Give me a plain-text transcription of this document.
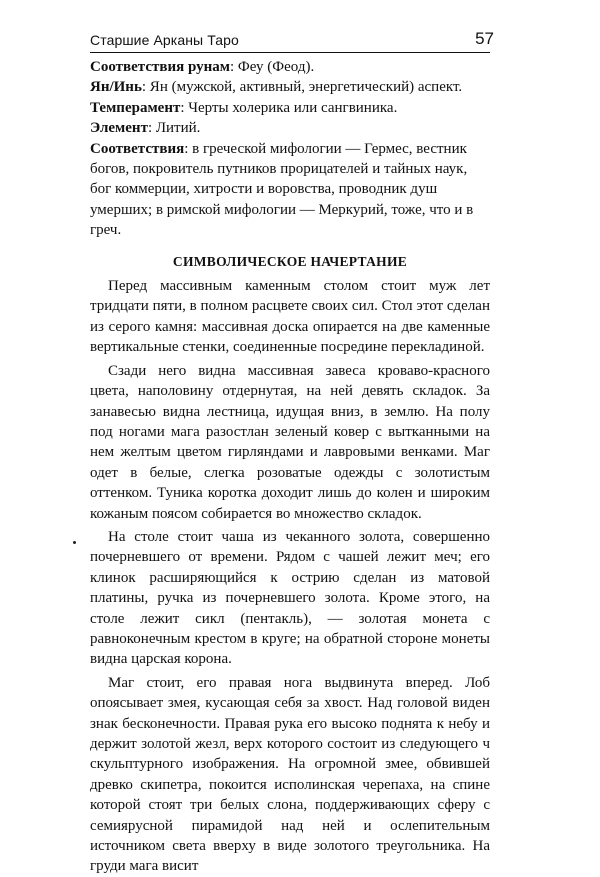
Старшие Арканы Таро	57

Соответствия рунам: Феу (Феод).

Ян/Инь: Ян (мужской, активный, энергетический) аспект.

Темперамент: Черты холерика или сангвиника.

Элемент: Литий.

Соответствия: в греческой мифологии — Гермес, вестник богов, покровитель путников прорицателей и тайных наук, бог коммерции, хитрости и воровства, проводник душ умерших; в римской мифологии — Меркурий, тоже, что и в греч.

СИМВОЛИЧЕСКОЕ НАЧЕРТАНИЕ

Перед массивным каменным столом стоит муж лет тридцати пяти, в полном расцвете своих сил. Стол этот сделан из серого камня: массивная доска опирается на две каменные вертикальные стенки, соединенные посредине перекладиной.

Сзади него видна массивная завеса кроваво-красного цвета, наполовину отдернутая, на ней девять складок. За занавесью видна лестница, идущая вниз, в землю. На полу под ногами мага разостлан зеленый ковер с вытканными на нем желтым цветом гирляндами и лавровыми венками. Маг одет в белые, слегка розоватые одежды с золотистым оттенком. Туника коротка доходит лишь до колен и широким кожаным поясом собирается во множество складок.

На столе стоит чаша из чеканного золота, совершенно почерневшего от времени. Рядом с чашей лежит меч; его клинок расширяющийся к острию сделан из матовой платины, ручка из почерневшего золота. Кроме этого, на столе лежит сикл (пентакль), — золотая монета с равноконечным крестом в круге; на обратной стороне монеты видна царская корона.

Маг стоит, его правая нога выдвинута вперед. Лоб опоясывает змея, кусающая себя за хвост. Над головой виден знак бесконечности. Правая рука его высоко поднята к небу и держит золотой жезл, верх которого состоит из следующего ч скульптурного изображения. На огромной змее, обвившей древко скипетра, покоится исполинская черепаха, на спине которой стоят три белых слона, поддерживающих сферу с семиярусной пирамидой над ней и ослепительным источником света вверху в виде золотого треугольника. На груди мага висит
